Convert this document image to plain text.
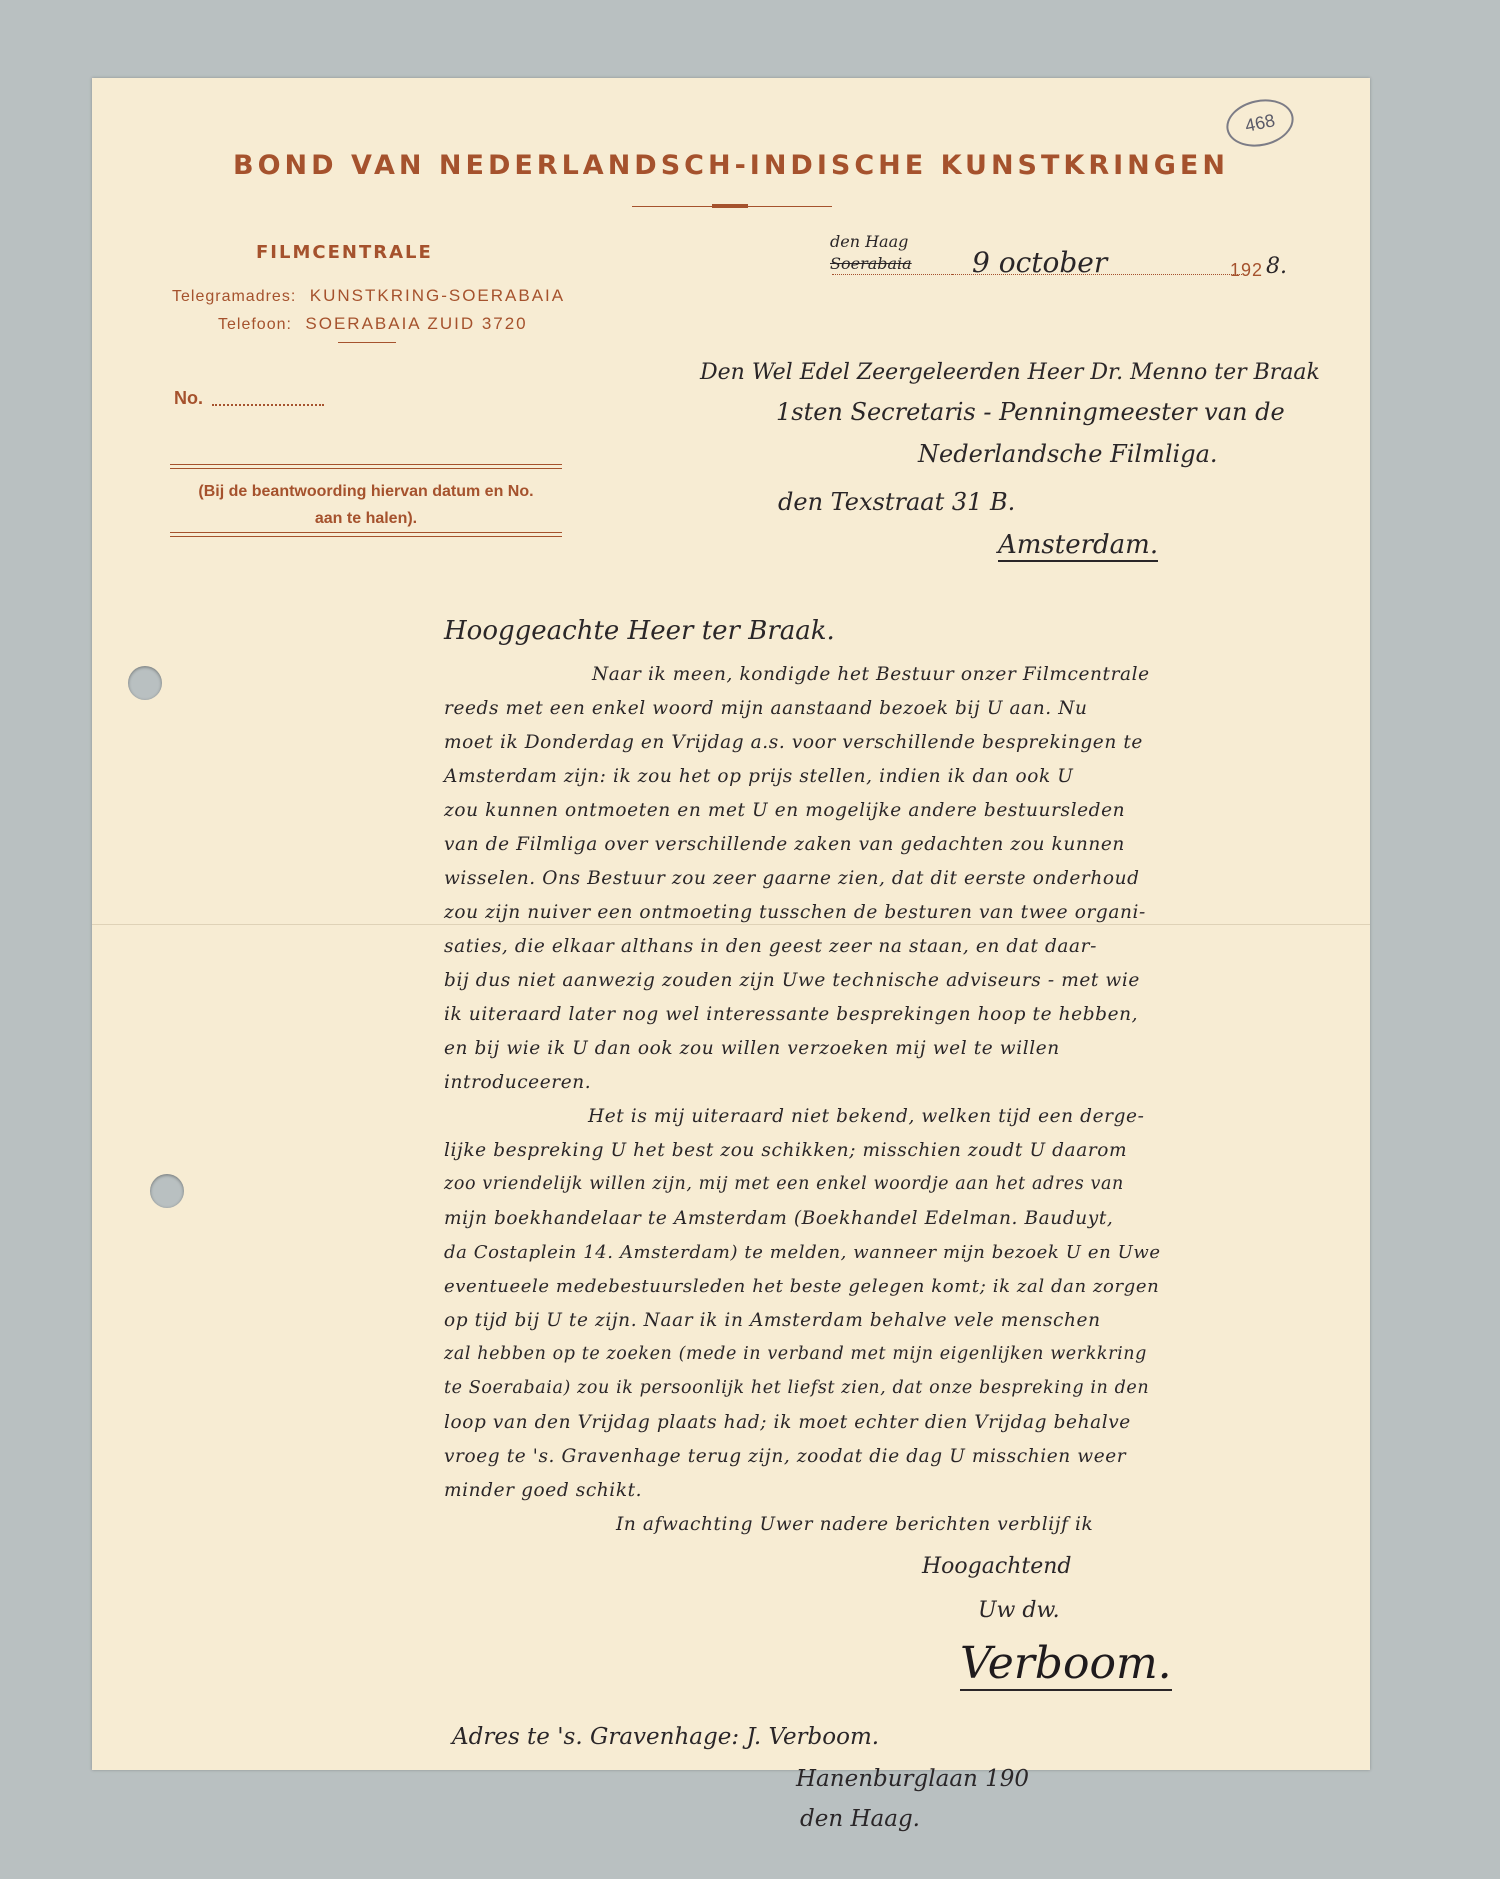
468
BOND VAN NEDERLANDSCH-INDISCHE KUNSTKRINGEN
FILMCENTRALE
Telegramadres: KUNSTKRING-SOERABAIA
Telefoon: SOERABAIA ZUID 3720
No.
(Bij de beantwoording hiervan datum en No.
aan te halen).
Soerabaia
den Haag
9 october	192 8.
Den Wel Edel Zeergeleerden Heer Dr. Menno ter Braak
1sten Secretaris - Penningmeester van de
Nederlandsche Filmliga.
den Texstraat 31 B.
Amsterdam.
Hooggeachte Heer ter Braak.
Naar ik meen, kondigde het Bestuur onzer Filmcentrale
reeds met een enkel woord mijn aanstaand bezoek bij U aan. Nu
moet ik Donderdag en Vrijdag a.s. voor verschillende besprekingen te
Amsterdam zijn: ik zou het op prijs stellen, indien ik dan ook U
zou kunnen ontmoeten en met U en mogelijke andere bestuursleden
van de Filmliga over verschillende zaken van gedachten zou kunnen
wisselen. Ons Bestuur zou zeer gaarne zien, dat dit eerste onderhoud
zou zijn nuiver een ontmoeting tusschen de besturen van twee organi-
saties, die elkaar althans in den geest zeer na staan, en dat daar-
bij dus niet aanwezig zouden zijn Uwe technische adviseurs - met wie
ik uiteraard later nog wel interessante besprekingen hoop te hebben,
en bij wie ik U dan ook zou willen verzoeken mij wel te willen
introduceeren.
Het is mij uiteraard niet bekend, welken tijd een derge-
lijke bespreking U het best zou schikken; misschien zoudt U daarom
zoo vriendelijk willen zijn, mij met een enkel woordje aan het adres van
mijn boekhandelaar te Amsterdam (Boekhandel Edelman. Bauduyt,
da Costaplein 14. Amsterdam) te melden, wanneer mijn bezoek U en Uwe
eventueele medebestuursleden het beste gelegen komt; ik zal dan zorgen
op tijd bij U te zijn. Naar ik in Amsterdam behalve vele menschen
zal hebben op te zoeken (mede in verband met mijn eigenlijken werkkring
te Soerabaia) zou ik persoonlijk het liefst zien, dat onze bespreking in den
loop van den Vrijdag plaats had; ik moet echter dien Vrijdag behalve
vroeg te 's. Gravenhage terug zijn, zoodat die dag U misschien weer
minder goed schikt.
In afwachting Uwer nadere berichten verblijf ik
Hoogachtend
Uw dw.
Verboom.
Adres te 's. Gravenhage: J. Verboom.
Hanenburglaan 190
den Haag.
